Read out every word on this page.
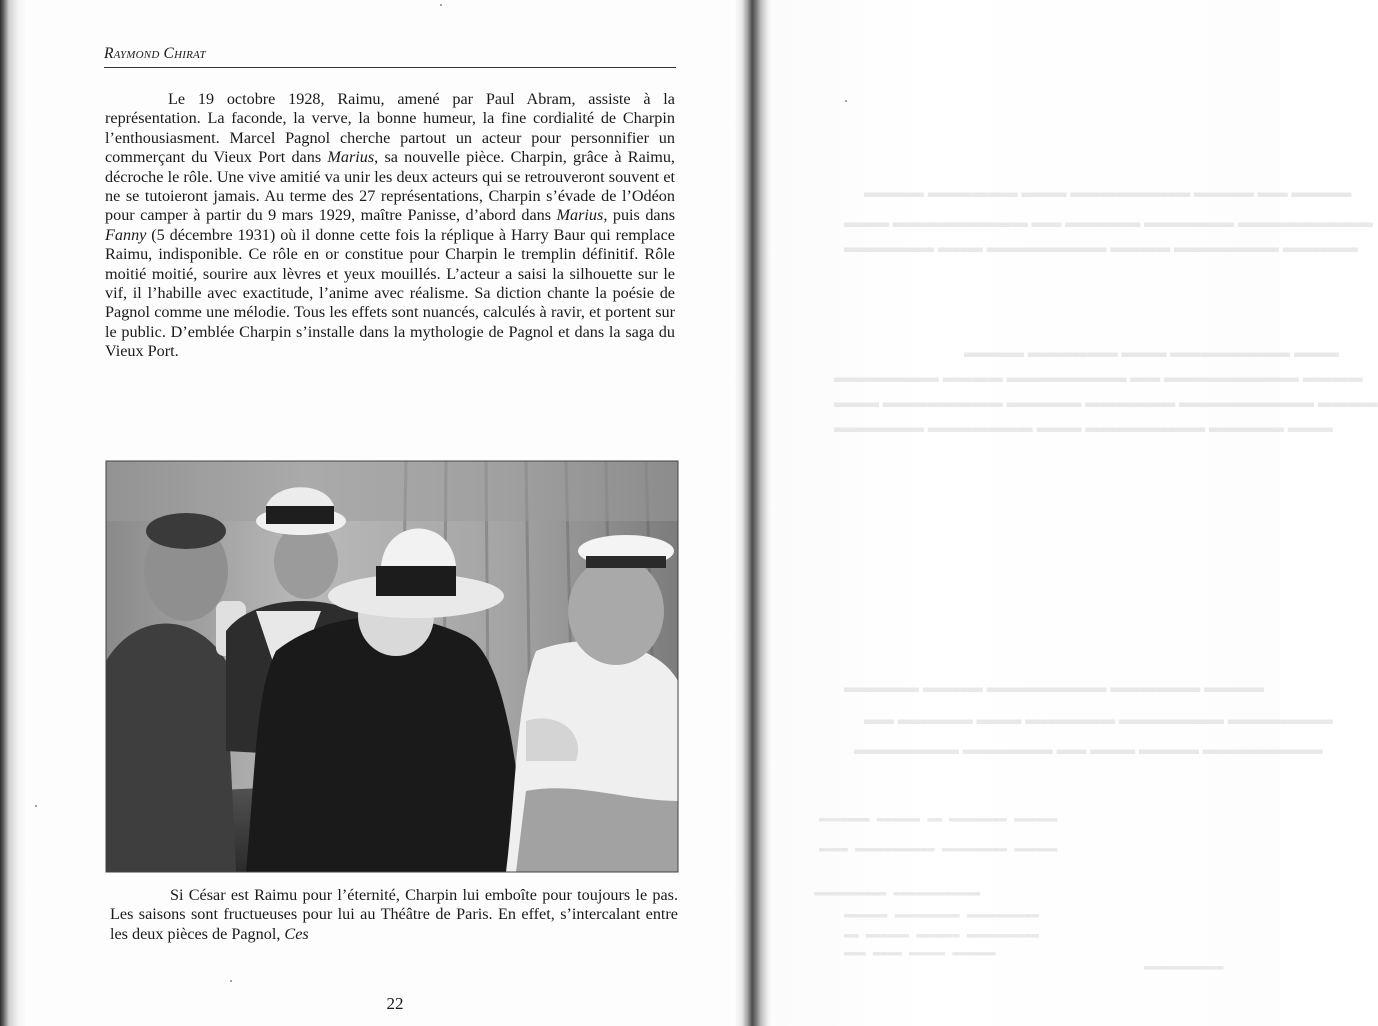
▬▬▬▬ ▬▬▬▬▬▬ ▬▬▬ ▬▬▬▬▬▬▬▬ ▬▬▬▬ ▬▬ ▬▬▬▬
▬▬▬ ▬▬▬▬▬▬▬▬▬ ▬▬ ▬▬▬▬▬ ▬▬▬▬▬▬ ▬▬▬▬▬▬▬▬▬
▬▬▬▬▬▬ ▬▬▬ ▬▬▬▬▬▬▬▬ ▬▬▬▬ ▬▬▬▬▬▬▬ ▬▬▬▬▬
▬▬▬▬ ▬▬▬▬▬▬ ▬▬▬ ▬▬▬▬▬▬▬▬ ▬▬▬
▬▬▬▬▬▬▬ ▬▬▬▬ ▬▬▬▬▬▬▬▬ ▬▬ ▬▬▬▬▬▬▬▬▬ ▬▬▬▬
▬▬▬ ▬▬▬▬▬▬▬▬ ▬▬▬▬▬ ▬▬▬▬▬▬ ▬▬▬▬▬▬▬▬▬ ▬▬▬▬
▬▬▬▬▬▬ ▬▬▬▬▬▬▬ ▬▬▬ ▬▬▬▬▬▬▬▬ ▬▬▬▬▬ ▬▬▬
▬▬▬▬▬ ▬▬▬▬ ▬▬▬▬▬▬▬▬ ▬▬▬▬▬▬ ▬▬▬▬
▬▬ ▬▬▬▬▬ ▬▬▬ ▬▬▬▬▬▬ ▬▬▬▬▬▬▬ ▬▬▬▬▬▬▬
▬▬▬▬▬▬▬ ▬▬▬▬▬▬ ▬▬ ▬▬▬ ▬▬▬▬ ▬▬▬▬▬▬▬▬
▬▬▬▬▬▬▬ ▬▬▬▬▬▬ ▬▬ ▬▬▬▬▬▬▬▬ ▬▬▬▬▬▬
▬▬▬▬ ▬▬▬▬▬▬▬▬▬▬▬ ▬▬▬▬▬▬▬▬▬ ▬▬▬▬▬▬
▬▬▬▬▬▬▬▬▬▬ ▬▬▬▬▬▬▬▬▬▬▬▬
▬▬▬▬▬▬ ▬▬▬▬▬▬▬▬▬ ▬▬▬▬▬▬▬▬▬▬
▬▬ ▬▬▬▬▬▬ ▬▬▬▬▬▬ ▬▬▬▬▬▬▬▬▬▬
▬▬▬ ▬▬▬▬ ▬▬▬▬▬ ▬▬▬▬▬▬
▬▬▬▬▬▬▬▬▬▬▬
Raymond Chirat

Le 19 octobre 1928, Raimu, amené par Paul Abram, assiste à la représentation. La faconde, la verve, la bonne humeur, la fine cordialité de Charpin l’enthousiasment. Marcel Pagnol cherche partout un acteur pour personnifier un commerçant du Vieux Port dans Marius, sa nouvelle pièce. Charpin, grâce à Raimu, décroche le rôle. Une vive amitié va unir les deux acteurs qui se retrouveront souvent et ne se tutoieront jamais. Au terme des 27 représentations, Charpin s’évade de l’Odéon pour camper à partir du 9 mars 1929, maître Panisse, d’abord dans Marius, puis dans Fanny (5 décembre 1931) où il donne cette fois la réplique à Harry Baur qui remplace Raimu, indisponible. Ce rôle en or constitue pour Charpin le tremplin définitif. Rôle moitié moitié, sourire aux lèvres et yeux mouillés. L’acteur a saisi la silhouette sur le vif, il l’habille avec exactitude, l’anime avec réalisme. Sa diction chante la poésie de Pagnol comme une mélodie. Tous les effets sont nuancés, calculés à ravir, et portent sur le public. D’emblée Charpin s’installe dans la mythologie de Pagnol et dans la saga du Vieux Port.

Si César est Raimu pour l’éternité, Charpin lui emboîte pour toujours le pas. Les saisons sont fructueuses pour lui au Théâtre de Paris. En effet, s’intercalant entre les deux pièces de Pagnol, Ces

22
